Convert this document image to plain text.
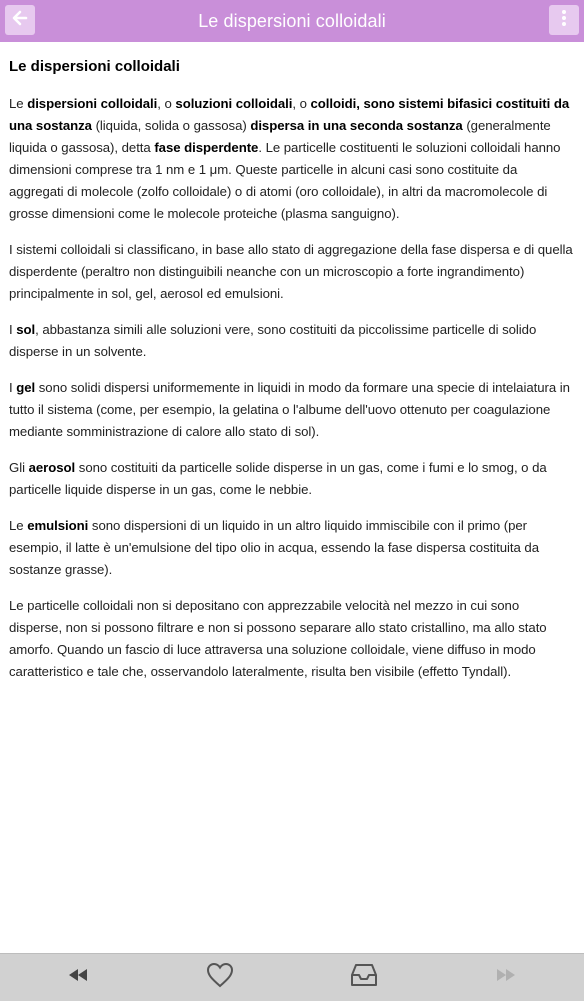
Le dispersioni colloidali
Le dispersioni colloidali

Le dispersioni colloidali, o soluzioni colloidali, o colloidi, sono sistemi bifasici costituiti da una sostanza (liquida, solida o gassosa) dispersa in una seconda sostanza (generalmente liquida o gassosa), detta fase disperdente. Le particelle costituenti le soluzioni colloidali hanno dimensioni comprese tra 1 nm e 1 μm. Queste particelle in alcuni casi sono costituite da aggregati di molecole (zolfo colloidale) o di atomi (oro colloidale), in altri da macromolecole di grosse dimensioni come le molecole proteiche (plasma sanguigno).

I sistemi colloidali si classificano, in base allo stato di aggregazione della fase dispersa e di quella disperdente (peraltro non distinguibili neanche con un microscopio a forte ingrandimento) principalmente in sol, gel, aerosol ed emulsioni.

I sol, abbastanza simili alle soluzioni vere, sono costituiti da piccolissime particelle di solido disperse in un solvente.

I gel sono solidi dispersi uniformemente in liquidi in modo da formare una specie di intelaiatura in tutto il sistema (come, per esempio, la gelatina o l'albume dell'uovo ottenuto per coagulazione mediante somministrazione di calore allo stato di sol).

Gli aerosol sono costituiti da particelle solide disperse in un gas, come i fumi e lo smog, o da particelle liquide disperse in un gas, come le nebbie.

Le emulsioni sono dispersioni di un liquido in un altro liquido immiscibile con il primo (per esempio, il latte è un'emulsione del tipo olio in acqua, essendo la fase dispersa costituita da sostanze grasse).

Le particelle colloidali non si depositano con apprezzabile velocità nel mezzo in cui sono disperse, non si possono filtrare e non si possono separare allo stato cristallino, ma allo stato amorfo. Quando un fascio di luce attraversa una soluzione colloidale, viene diffuso in modo caratteristico e tale che, osservandolo lateralmente, risulta ben visibile (effetto Tyndall).
